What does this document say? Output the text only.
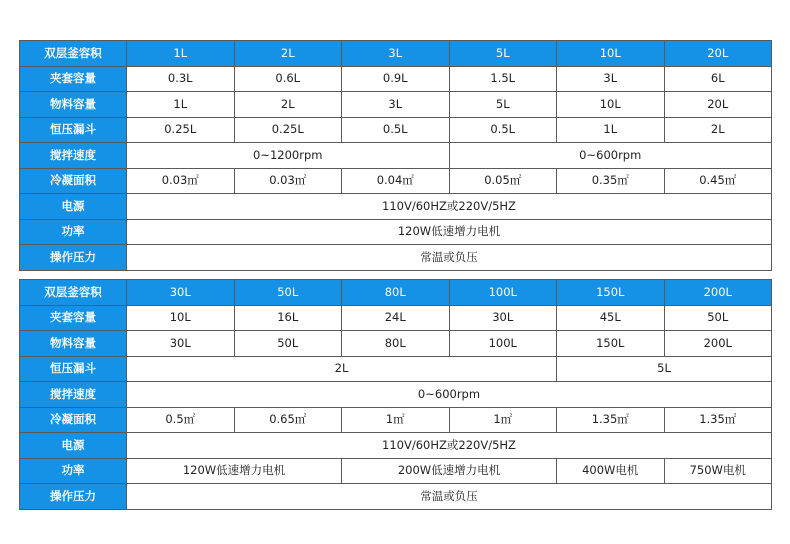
双层釜容积	1L	2L	3L	5L	10L	20L
夹套容量	0.3L	0.6L	0.9L	1.5L	3L	6L
物料容量	1L	2L	3L	5L	10L	20L
恒压漏斗	0.25L	0.25L	0.5L	0.5L	1L	2L
搅拌速度	0~1200rpm			0~600rpm		
冷凝面积	0.03㎡	0.03㎡	0.04㎡	0.05㎡	0.35㎡	0.45㎡
电源	110V/60HZ或220V/5HZ					
功率	120W低速增力电机					
操作压力	常温或负压					
双层釜容积	30L	50L	80L	100L	150L	200L
夹套容量	10L	16L	24L	30L	45L	50L
物料容量	30L	50L	80L	100L	150L	200L
恒压漏斗	2L				5L	
搅拌速度	0~600rpm					
冷凝面积	0.5㎡	0.65㎡	1㎡	1㎡	1.35㎡	1.35㎡
电源	110V/60HZ或220V/5HZ					
功率	120W低速增力电机		200W低速增力电机		400W电机	750W电机
操作压力	常温或负压					
